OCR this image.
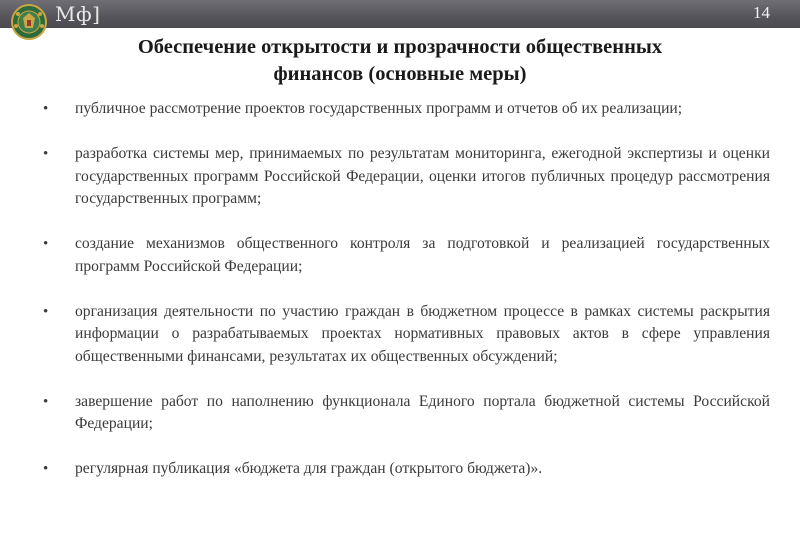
Мф]	14
Обеспечение открытости и прозрачности общественных
финансов (основные меры)
• публичное рассмотрение проектов государственных программ и отчетов об их реализации;
• разработка системы мер, принимаемых по результатам мониторинга, ежегодной экспертизы и оценки государственных программ Российской Федерации, оценки итогов публичных процедур рассмотрения государственных программ;
• создание механизмов общественного контроля за подготовкой и реализацией государственных программ Российской Федерации;
• организация деятельности по участию граждан в бюджетном процессе в рамках системы раскрытия информации о разрабатываемых проектах нормативных правовых актов в сфере управления общественными финансами, результатах их общественных обсуждений;
• завершение работ по наполнению функционала Единого портала бюджетной системы Российской Федерации;
• регулярная публикация «бюджета для граждан (открытого бюджета)».
